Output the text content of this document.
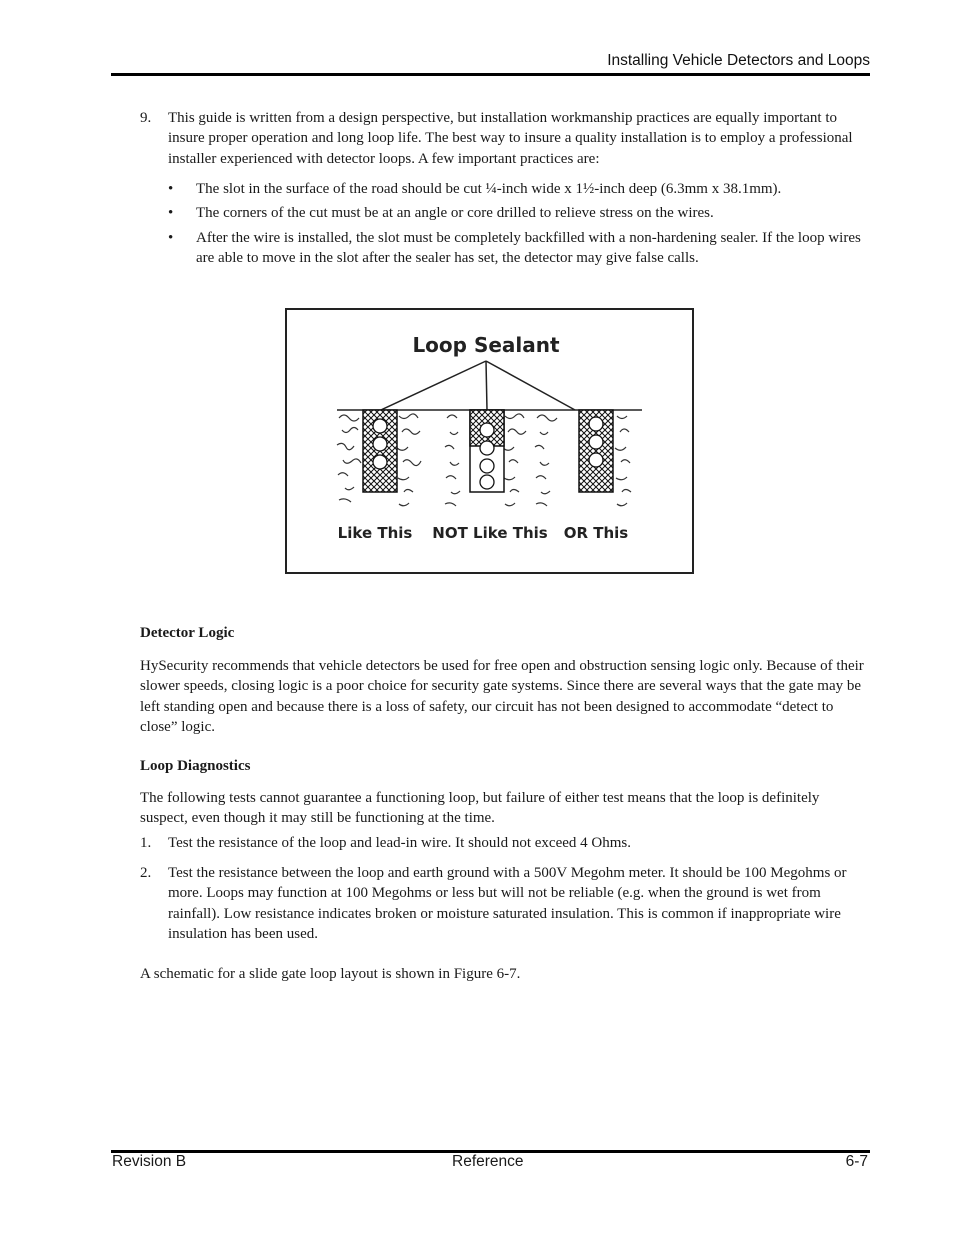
Installing Vehicle Detectors and Loops
9.	This guide is written from a design perspective, but installation workmanship practices are equally important to insure proper operation and long loop life. The best way to insure a quality installation is to employ a professional installer experienced with detector loops. A few important practices are:
• The slot in the surface of the road should be cut ¼-inch wide x 1½-inch deep (6.3mm x 38.1mm).
• The corners of the cut must be at an angle or core drilled to relieve stress on the wires.
• After the wire is installed, the slot must be completely backfilled with a non-hardening sealer. If the loop wires are able to move in the slot after the sealer has set, the detector may give false calls.
Loop Sealant
Like This NOT Like This OR This
Detector Logic
HySecurity recommends that vehicle detectors be used for free open and obstruction sensing logic only. Because of their slower speeds, closing logic is a poor choice for security gate systems. Since there are several ways that the gate may be left standing open and because there is a loss of safety, our circuit has not been designed to accommodate “detect to close” logic.
Loop Diagnostics
The following tests cannot guarantee a functioning loop, but failure of either test means that the loop is definitely suspect, even though it may still be functioning at the time.
1.	Test the resistance of the loop and lead-in wire. It should not exceed 4 Ohms.
2.	Test the resistance between the loop and earth ground with a 500V Megohm meter. It should be 100 Megohms or more. Loops may function at 100 Megohms or less but will not be reliable (e.g. when the ground is wet from rainfall). Low resistance indicates broken or moisture saturated insulation. This is common if inappropriate wire insulation has been used.
A schematic for a slide gate loop layout is shown in Figure 6-7.
Revision B	Reference	6-7
